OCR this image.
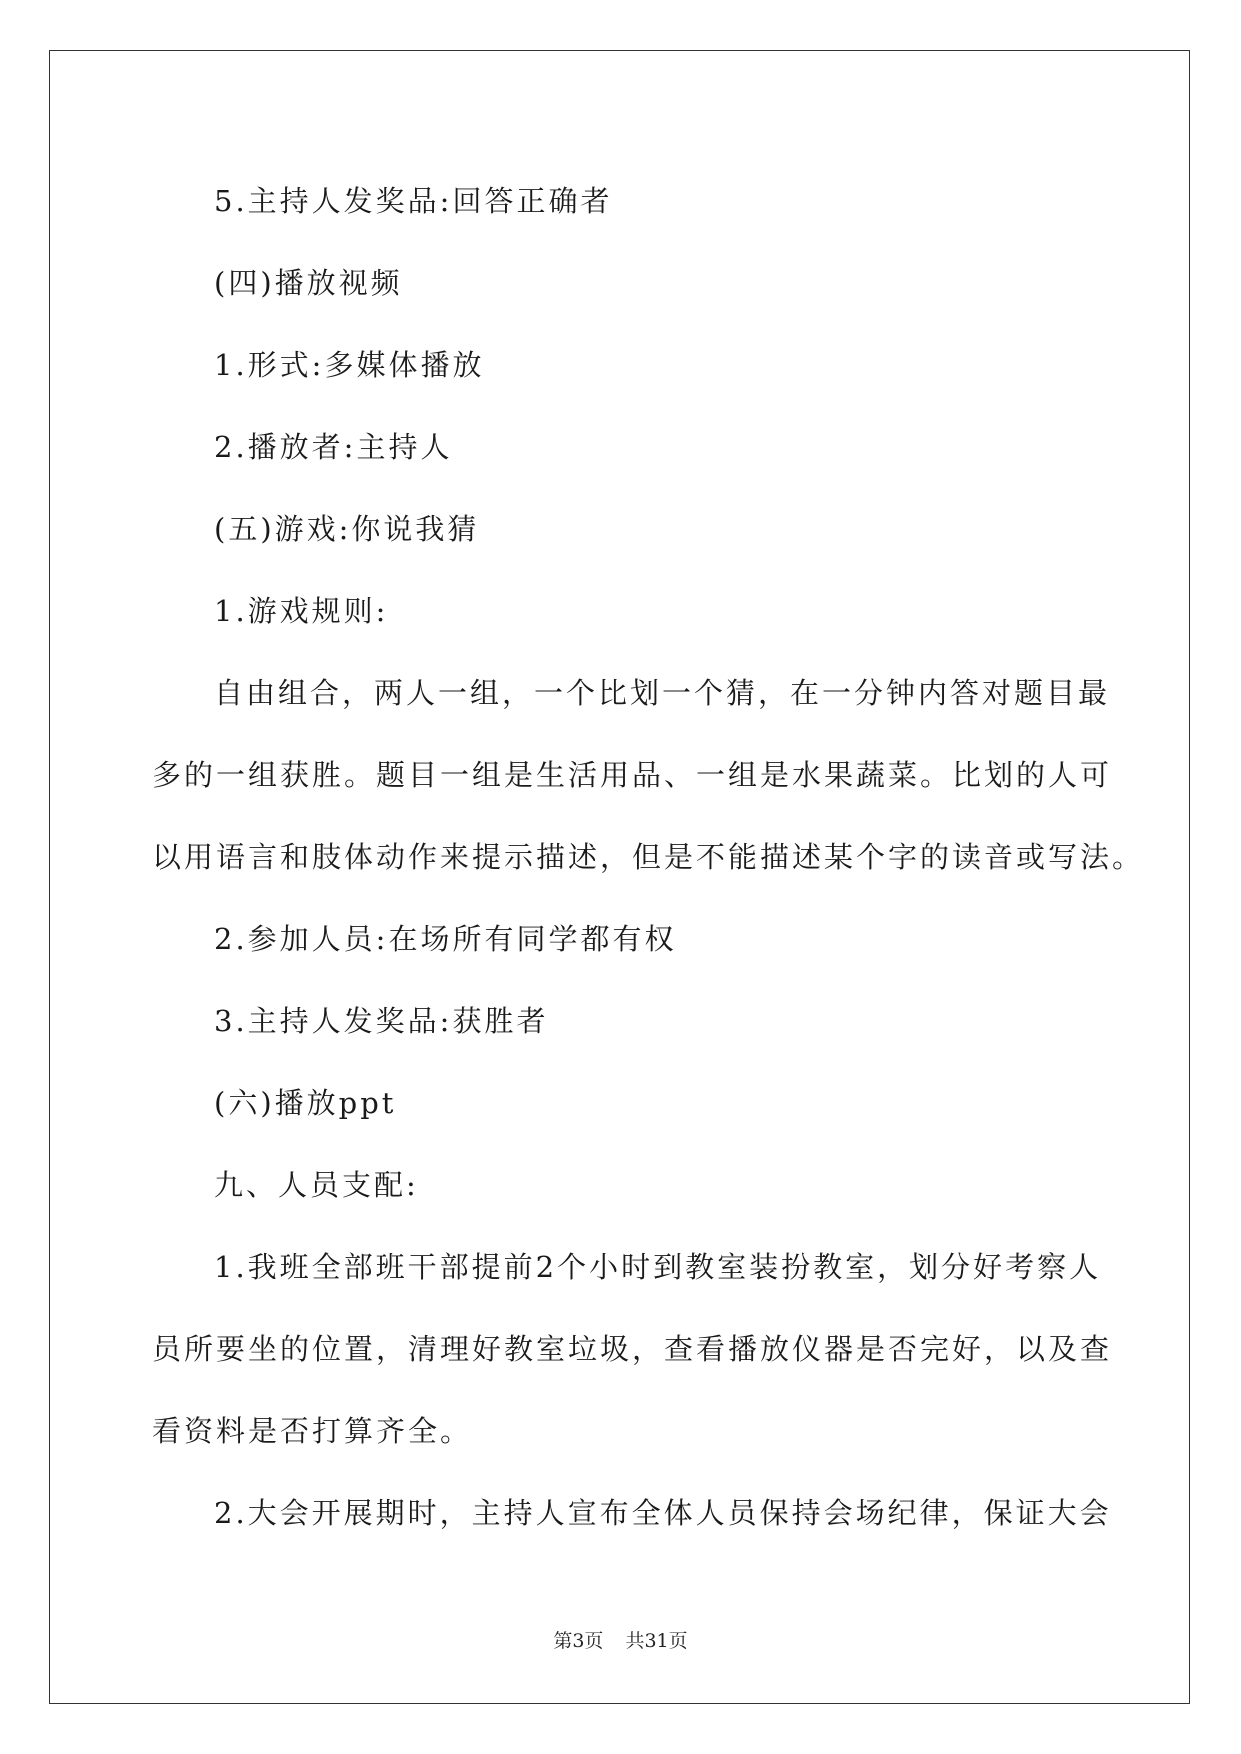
5.主持人发奖品:回答正确者

(四)播放视频

1.形式:多媒体播放

2.播放者:主持人

(五)游戏:你说我猜

1.游戏规则:

自由组合，两人一组，一个比划一个猜，在一分钟内答对题目最

多的一组获胜。题目一组是生活用品、一组是水果蔬菜。比划的人可

以用语言和肢体动作来提示描述，但是不能描述某个字的读音或写法。

2.参加人员:在场所有同学都有权

3.主持人发奖品:获胜者

(六)播放ppt

九、人员支配:

1.我班全部班干部提前2个小时到教室装扮教室，划分好考察人

员所要坐的位置，清理好教室垃圾，查看播放仪器是否完好，以及查

看资料是否打算齐全。

2.大会开展期时，主持人宣布全体人员保持会场纪律，保证大会

第3页 共31页
